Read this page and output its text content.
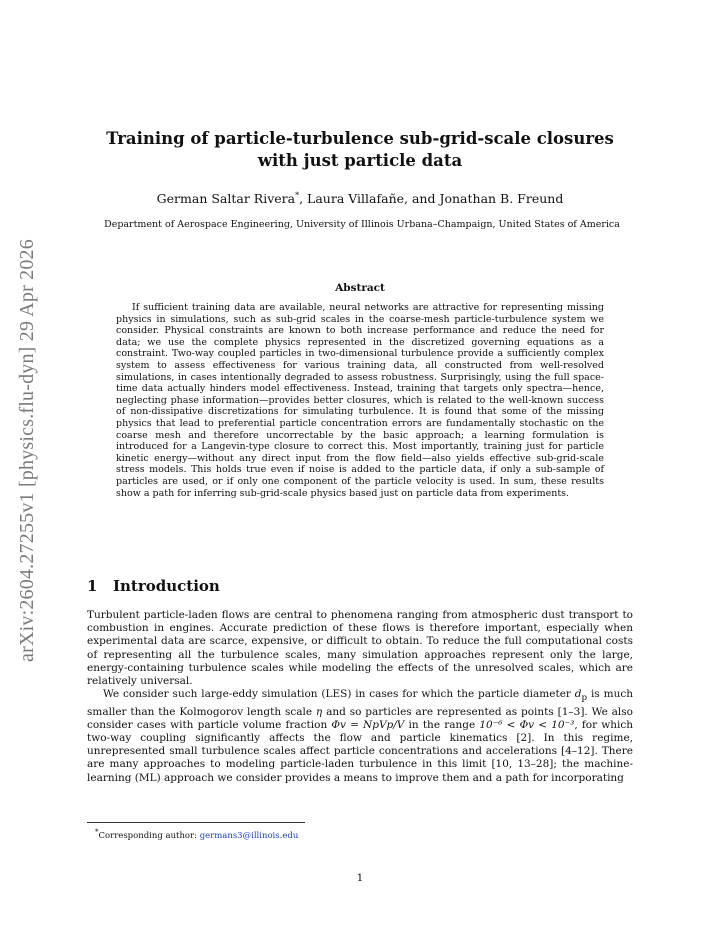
arXiv:2604.27255v1 [physics.flu-dyn] 29 Apr 2026
Training of particle-turbulence sub-grid-scale closures
with just particle data
German Saltar Rivera*, Laura Villafañe, and Jonathan B. Freund
Department of Aerospace Engineering, University of Illinois Urbana–Champaign, United States of America
Abstract

If sufficient training data are available, neural networks are attractive for representing missing physics in simulations, such as sub-grid scales in the coarse-mesh particle-turbulence system we consider. Physical constraints are known to both increase performance and reduce the need for data; we use the complete physics represented in the discretized governing equations as a constraint. Two-way coupled particles in two-dimensional turbulence provide a sufficiently complex system to assess effectiveness for various training data, all constructed from well-resolved simulations, in cases intentionally degraded to assess robustness. Surprisingly, using the full space-time data actually hinders model effectiveness. Instead, training that targets only spectra—hence, neglecting phase information—provides better closures, which is related to the well-known success of non-dissipative discretizations for simulating turbulence. It is found that some of the missing physics that lead to preferential particle concentration errors are fundamentally stochastic on the coarse mesh and therefore uncorrectable by the basic approach; a learning formulation is introduced for a Langevin-type closure to correct this. Most importantly, training just for particle kinetic energy—without any direct input from the flow field—also yields effective sub-grid-scale stress models. This holds true even if noise is added to the particle data, if only a sub-sample of particles are used, or if only one component of the particle velocity is used. In sum, these results show a path for inferring sub-grid-scale physics based just on particle data from experiments.

1 Introduction

Turbulent particle-laden flows are central to phenomena ranging from atmospheric dust transport to combustion in engines. Accurate prediction of these flows is therefore important, especially when experimental data are scarce, expensive, or difficult to obtain. To reduce the full computational costs of representing all the turbulence scales, many simulation approaches represent only the large, energy-containing turbulence scales while modeling the effects of the unresolved scales, which are relatively universal.

We consider such large-eddy simulation (LES) in cases for which the particle diameter $d_p$ is much smaller than the Kolmogorov length scale η and so particles are represented as points [1–3]. We also consider cases with particle volume fraction Φv = NpVp/V in the range 10⁻⁶ < Φv < 10⁻³, for which two-way coupling significantly affects the flow and particle kinematics [2]. In this regime, unrepresented small turbulence scales affect particle concentrations and accelerations [4–12]. There are many approaches to modeling particle-laden turbulence in this limit [10, 13–28]; the machine-learning (ML) approach we consider provides a means to improve them and a path for incorporating

*Corresponding author: germans3@illinois.edu
1
